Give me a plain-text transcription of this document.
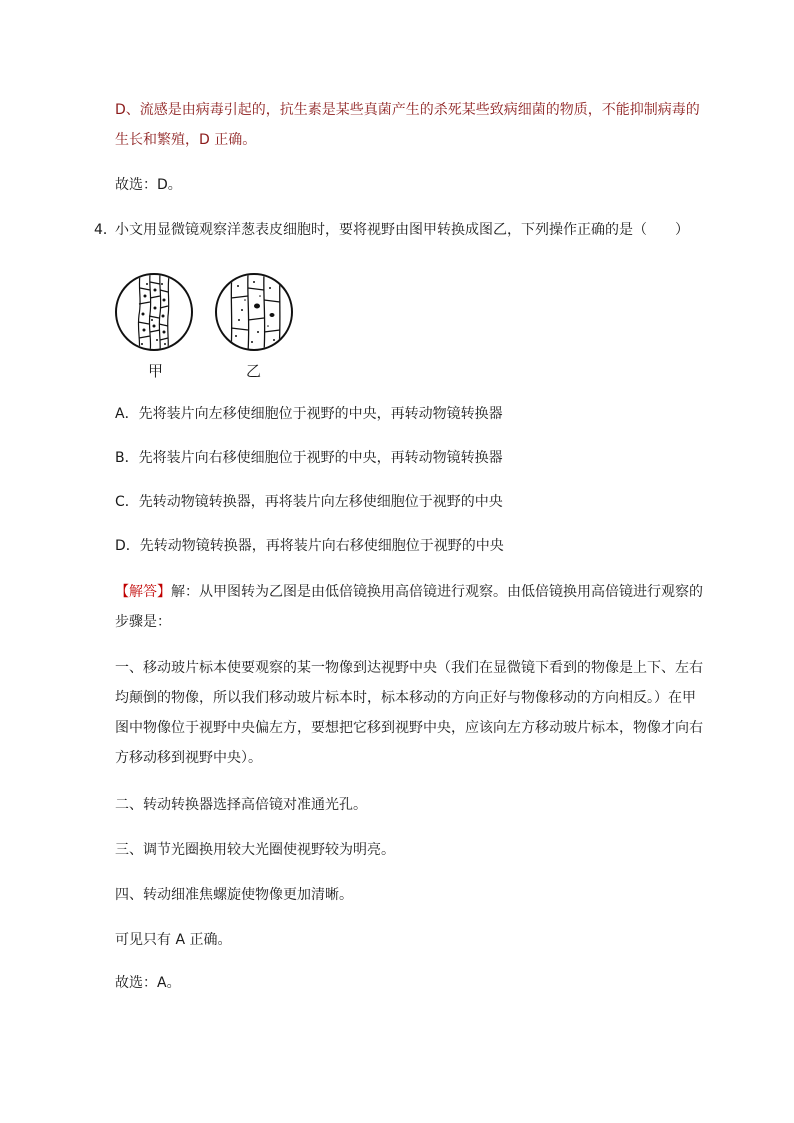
D、流感是由病毒引起的，抗生素是某些真菌产生的杀死某些致病细菌的物质，不能抑制病毒的
生长和繁殖，D 正确。
故选：D。
4．
小文用显微镜观察洋葱表皮细胞时，要将视野由图甲转换成图乙，下列操作正确的是（　　）
甲	乙
A．先将装片向左移使细胞位于视野的中央，再转动物镜转换器
B．先将装片向右移使细胞位于视野的中央，再转动物镜转换器
C．先转动物镜转换器，再将装片向左移使细胞位于视野的中央
D．先转动物镜转换器，再将装片向右移使细胞位于视野的中央
【解答】解：从甲图转为乙图是由低倍镜换用高倍镜进行观察。由低倍镜换用高倍镜进行观察的
步骤是：
一、移动玻片标本使要观察的某一物像到达视野中央（我们在显微镜下看到的物像是上下、左右
均颠倒的物像，所以我们移动玻片标本时，标本移动的方向正好与物像移动的方向相反。）在甲
图中物像位于视野中央偏左方，要想把它移到视野中央，应该向左方移动玻片标本，物像才向右
方移动移到视野中央）。
二、转动转换器选择高倍镜对准通光孔。
三、调节光圈换用较大光圈使视野较为明亮。
四、转动细准焦螺旋使物像更加清晰。
可见只有 A 正确。
故选：A。
